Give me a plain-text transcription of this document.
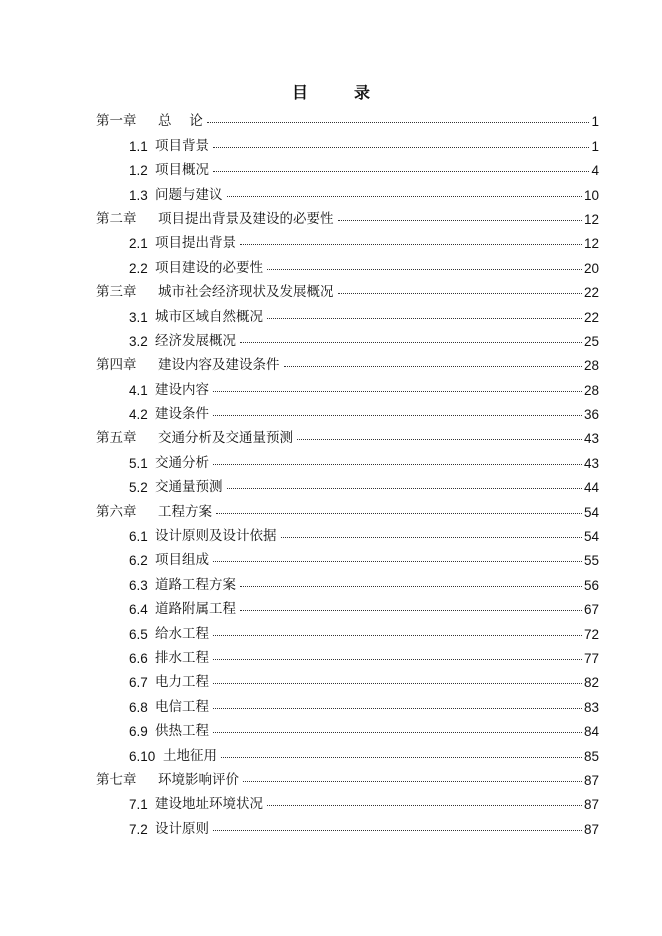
目	录
第一章	总　 论	1
1.1 项目背景	1
1.2 项目概况	4
1.3 问题与建议	10
第二章	项目提出背景及建设的必要性	12
2.1 项目提出背景	12
2.2 项目建设的必要性	20
第三章	城市社会经济现状及发展概况	22
3.1 城市区域自然概况	22
3.2 经济发展概况	25
第四章	建设内容及建设条件	28
4.1 建设内容	28
4.2 建设条件	36
第五章	交通分析及交通量预测	43
5.1 交通分析	43
5.2 交通量预测	44
第六章	工程方案	54
6.1 设计原则及设计依据	54
6.2 项目组成	55
6.3 道路工程方案	56
6.4 道路附属工程	67
6.5 给水工程	72
6.6 排水工程	77
6.7 电力工程	82
6.8 电信工程	83
6.9 供热工程	84
6.10 土地征用	85
第七章	环境影响评价	87
7.1 建设地址环境状况	87
7.2 设计原则	87
